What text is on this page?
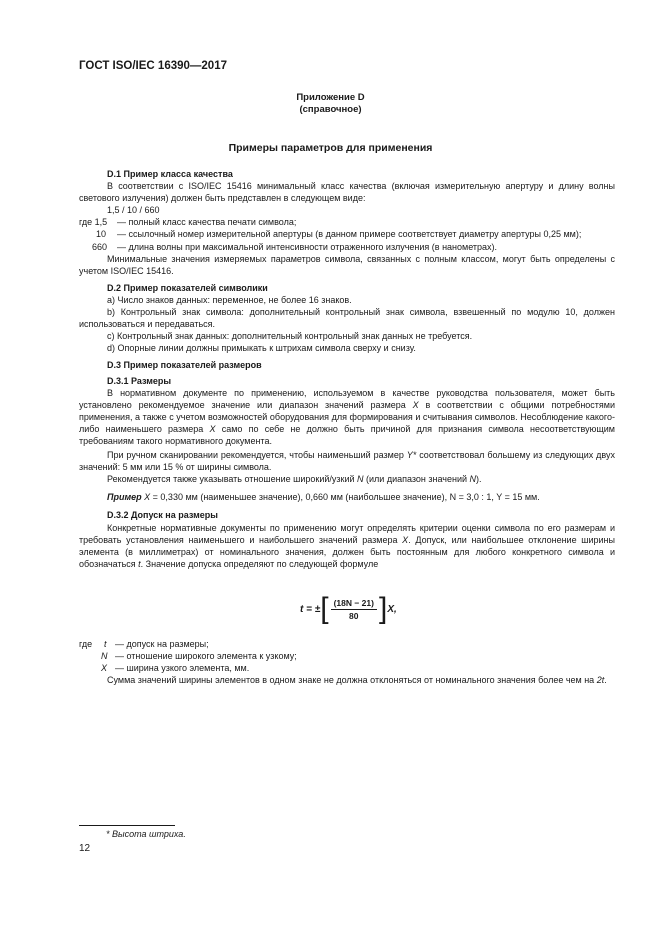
ГОСТ ISO/IEC 16390—2017
Приложение D
(справочное)
Примеры параметров для применения

D.1 Пример класса качества

В соответствии с ISO/IEC 15416 минимальный класс качества (включая измерительную апертуру и длину волны светового излучения) должен быть представлен в следующем виде:

1,5 / 10 / 660

где 1,5	— полный класс качества печати символа;
10	— ссылочный номер измерительной апертуры (в данном примере соответствует диаметру апертуры 0,25 мм);
660	— длина волны при максимальной интенсивности отраженного излучения (в нанометрах).

Минимальные значения измеряемых параметров символа, связанных с полным классом, могут быть определены с учетом ISO/IEC 15416.

D.2 Пример показателей символики

a) Число знаков данных: переменное, не более 16 знаков.

b) Контрольный знак символа: дополнительный контрольный знак символа, взвешенный по модулю 10, должен использоваться и передаваться.

c) Контрольный знак данных: дополнительный контрольный знак данных не требуется.

d) Опорные линии должны примыкать к штрихам символа сверху и снизу.

D.3 Пример показателей размеров

D.3.1 Размеры

В нормативном документе по применению, используемом в качестве руководства пользователя, может быть установлено рекомендуемое значение или диапазон значений размера X в соответствии с общими потребностями применения, а также с учетом возможностей оборудования для формирования и считывания символов. Несоблюдение какого-либо наименьшего размера X само по себе не должно быть причиной для признания символа несоответствующим требованиям такого нормативного документа.

При ручном сканировании рекомендуется, чтобы наименьший размер Y* соответствовал большему из следующих двух значений: 5 мм или 15 % от ширины символа.

Рекомендуется также указывать отношение широкий/узкий N (или диапазон значений N).

Пример X = 0,330 мм (наименьшее значение), 0,660 мм (наибольшее значение), N = 3,0 : 1, Y = 15 мм.

D.3.2 Допуск на размеры

Конкретные нормативные документы по применению могут определять критерии оценки символа по его размерам и требовать установления наименьшего и наибольшего значений размера X. Допуск, или наибольшее отклонение ширины элемента (в миллиметрах) от номинального значения, должен быть постоянным для любого конкретного символа и обозначаться t. Значение допуска определяют по следующей формуле

t = ± [ $\frac{(18N - 21)}{80}$ ] X,
где	t — допуск на размеры;
N — отношение широкого элемента к узкому;
X — ширина узкого элемента, мм.

Сумма значений ширины элементов в одном знаке не должна отклоняться от номинального значения более чем на 2t.

* Высота штриха.
12
